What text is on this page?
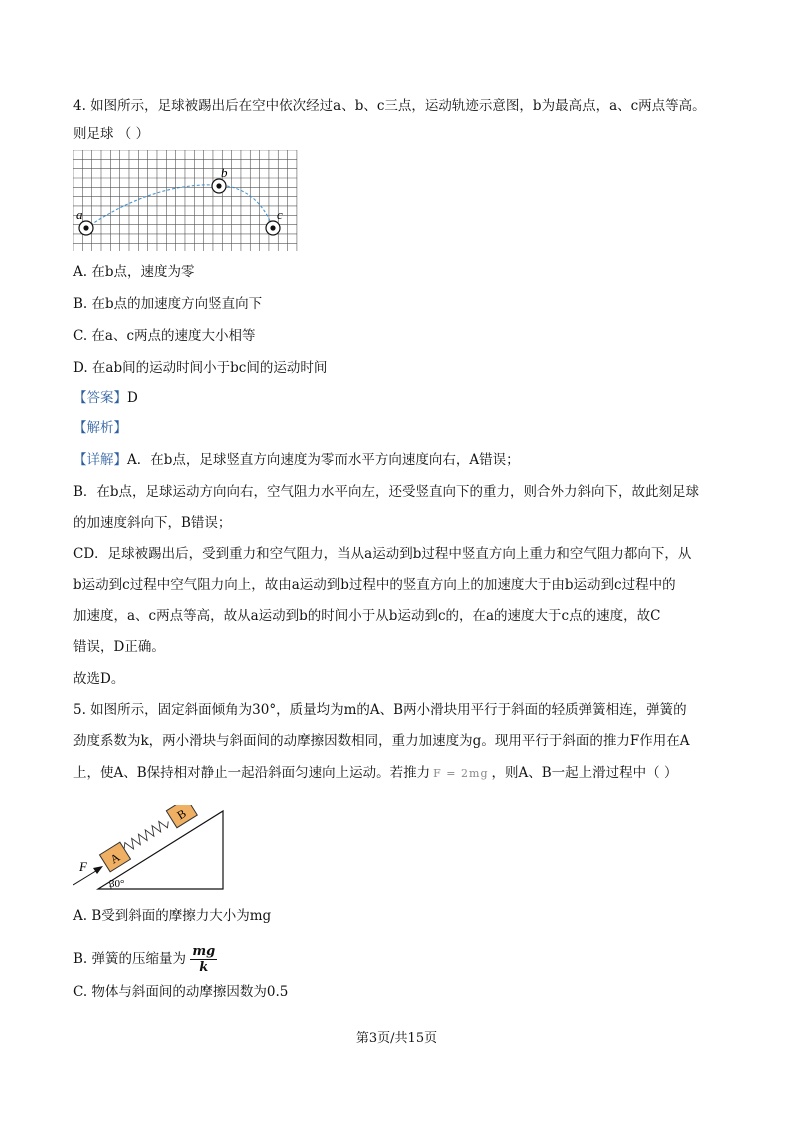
4. 如图所示，足球被踢出后在空中依次经过a、b、c三点，运动轨迹示意图，b为最高点，a、c两点等高。
则足球 （ ）
a
b
c
A. 在b点，速度为零
B. 在b点的加速度方向竖直向下
C. 在a、c两点的速度大小相等
D. 在ab间的运动时间小于bc间的运动时间
【答案】D
【解析】
【详解】A．在b点，足球竖直方向速度为零而水平方向速度向右，A错误；
B．在b点，足球运动方向向右，空气阻力水平向左，还受竖直向下的重力，则合外力斜向下，故此刻足球
的加速度斜向下，B错误；
CD．足球被踢出后，受到重力和空气阻力，当从a运动到b过程中竖直方向上重力和空气阻力都向下，从
b运动到c过程中空气阻力向上，故由a运动到b过程中的竖直方向上的加速度大于由b运动到c过程中的
加速度，a、c两点等高，故从a运动到b的时间小于从b运动到c的，在a的速度大于c点的速度，故C
错误，D正确。
故选D。
5. 如图所示，固定斜面倾角为30°，质量均为m的A、B两小滑块用平行于斜面的轻质弹簧相连，弹簧的
劲度系数为k，两小滑块与斜面间的动摩擦因数相同，重力加速度为g。现用平行于斜面的推力F作用在A
上，使A、B保持相对静止一起沿斜面匀速向上运动。若推力 F = 2mg ，则A、B一起上滑过程中（ ）
F
A
B
30°
A. B受到斜面的摩擦力大小为mg
B. 弹簧的压缩量为 $\frac{mg}{k}$
C. 物体与斜面间的动摩擦因数为0.5
第3页/共15页
